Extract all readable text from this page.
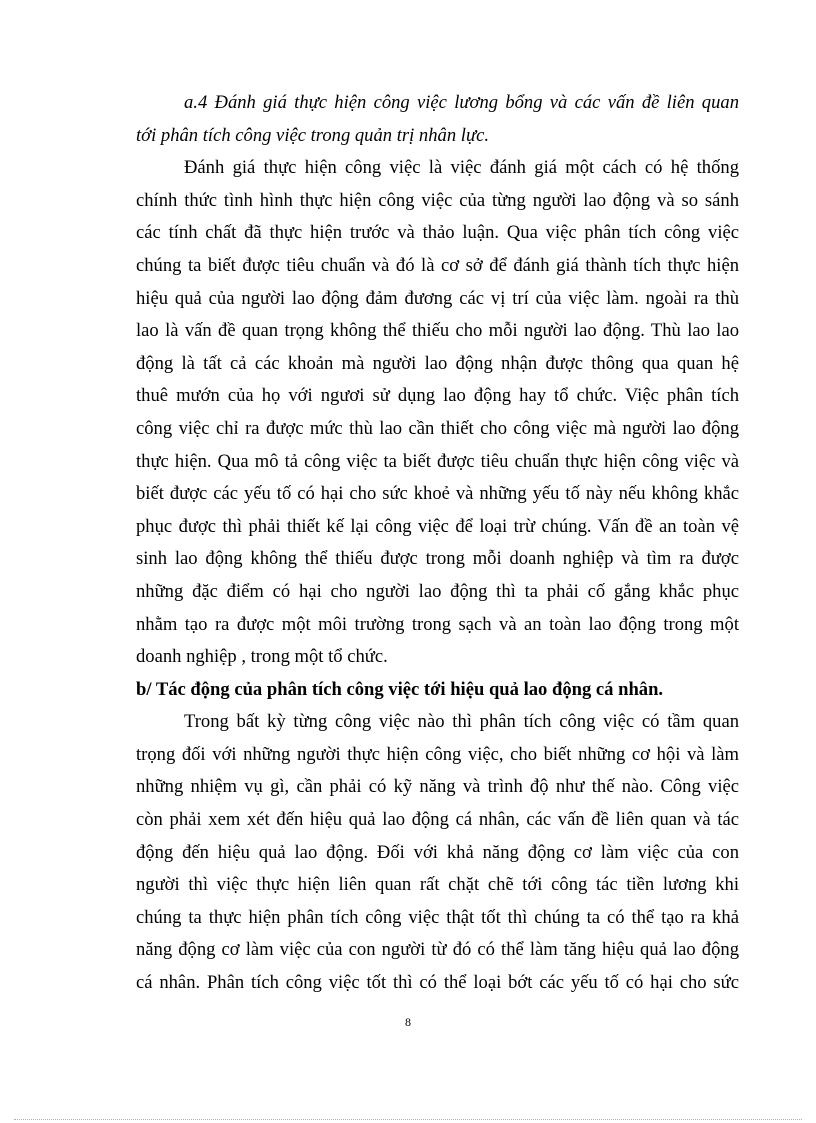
a.4 Đánh giá thực hiện công việc lương bổng và các vấn đề liên quan
tới phân tích công việc trong quản trị nhân lực.
Đánh giá thực hiện công việc là việc đánh giá một cách có hệ thống
chính thức tình hình thực hiện công việc của từng người lao động và so sánh
các tính chất đã thực hiện trước và thảo luận. Qua việc phân tích công việc
chúng ta biết được tiêu chuẩn và đó là cơ sở để đánh giá thành tích thực hiện
hiệu quả của người lao động đảm đương các vị trí của việc làm. ngoài ra thù
lao là vấn đề quan trọng không thể thiếu cho mỗi người lao động. Thù lao lao
động là tất cả các khoản mà người lao động nhận được thông qua quan hệ
thuê mướn của họ với ngươi sử dụng lao động hay tổ chức. Việc phân tích
công việc chỉ ra được mức thù lao cần thiết cho công việc mà người lao động
thực hiện. Qua mô tả công việc ta biết được tiêu chuẩn thực hiện công việc và
biết được các yếu tố có hại cho sức khoẻ và những yếu tố này nếu không khắc
phục được thì phải thiết kế lại công việc để loại trừ chúng. Vấn đề an toàn vệ
sinh lao động không thể thiếu được trong mỗi doanh nghiệp và tìm ra được
những đặc điểm có hại cho người lao động thì ta phải cố gắng khắc phục
nhằm tạo ra được một môi trường trong sạch và an toàn lao động trong một
doanh nghiệp , trong một tổ chức.
b/ Tác động của phân tích công việc tới hiệu quả lao động cá nhân.
Trong bất kỳ từng công việc nào thì phân tích công việc có tầm quan
trọng đối với những người thực hiện công việc, cho biết những cơ hội và làm
những nhiệm vụ gì, cần phải có kỹ năng và trình độ như thế nào. Công việc
còn phải xem xét đến hiệu quả lao động cá nhân, các vấn đề liên quan và tác
động đến hiệu quả lao động. Đối với khả năng động cơ làm việc của con
người thì việc thực hiện liên quan rất chặt chẽ tới công tác tiền lương khi
chúng ta thực hiện phân tích công việc thật tốt thì chúng ta có thể tạo ra khả
năng động cơ làm việc của con người từ đó có thể làm tăng hiệu quả lao động
cá nhân. Phân tích công việc tốt thì có thể loại bớt các yếu tố có hại cho sức
8
